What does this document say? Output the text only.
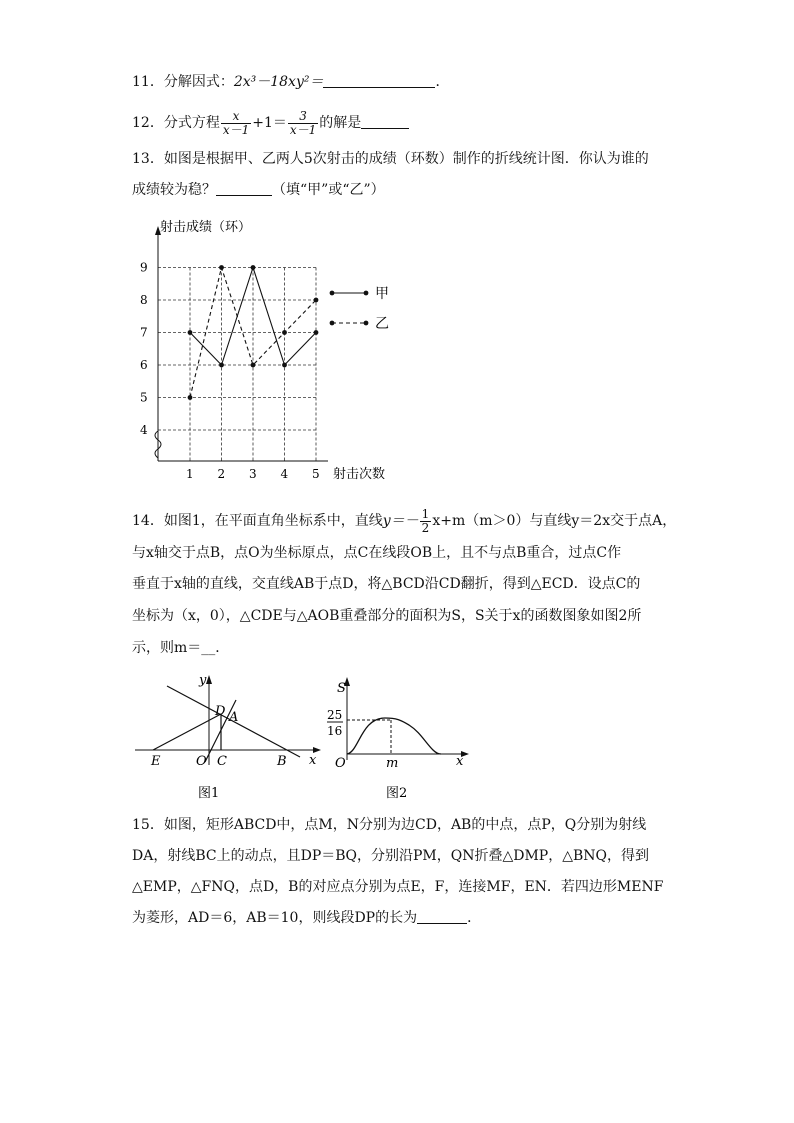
11．分解因式：2x³－18xy²＝	．
12．分式方程 $\frac{x}{x-1} +1= \frac{3}{x-1}$ 的解是
13．如图是根据甲、乙两人5次射击的成绩（环数）制作的折线统计图．你认为谁的
成绩较为稳？	（填“甲”或“乙”）
4
5
6
7
8
9
1 2 3 4 5
射击成绩（环）
射击次数
甲
乙
14．如图1，在平面直角坐标系中，直线$y=- \frac{1}{2} x+m(m>0)$与直线y＝2x交于点A，
与x轴交于点B，点O为坐标原点，点C在线段OB上，且不与点B重合，过点C作
垂直于x轴的直线，交直线AB于点D，将△BCD沿CD翻折，得到△ECD．设点C的
坐标为（x，0），△CDE与△AOB重叠部分的面积为S，S关于x的函数图象如图2所
示，则m＝__．
y
x
D A
E	O C	B
图1
S
25
16
O	m	x
图2
15．如图，矩形ABCD中，点M，N分别为边CD，AB的中点，点P，Q分别为射线
DA，射线BC上的动点，且DP＝BQ，分别沿PM，QN折叠△DMP，△BNQ，得到
△EMP，△FNQ，点D，B的对应点分别为点E，F，连接MF，EN．若四边形MENF
为菱形，AD＝6，AB＝10，则线段DP的长为	．
